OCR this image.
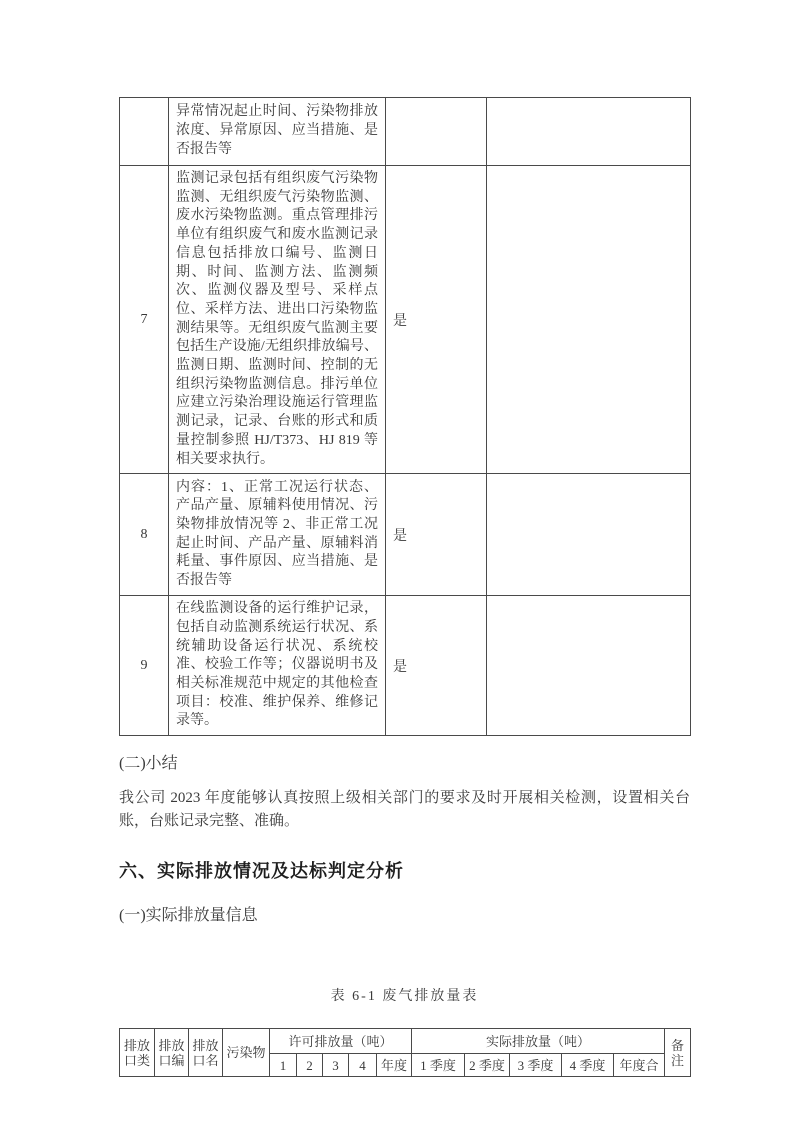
	异常情况起止时间、污染物排放浓度、异常原因、应当措施、是否报告等		
7	监测记录包括有组织废气污染物监测、无组织废气污染物监测、废水污染物监测。重点管理排污单位有组织废气和废水监测记录信息包括排放口编号、监测日期、时间、监测方法、监测频次、监测仪器及型号、采样点位、采样方法、进出口污染物监测结果等。无组织废气监测主要包括生产设施/无组织排放编号、监测日期、监测时间、控制的无组织污染物监测信息。排污单位应建立污染治理设施运行管理监测记录，记录、台账的形式和质量控制参照 HJ/T373、HJ 819 等相关要求执行。	是	
8	内容：1、正常工况运行状态、产品产量、原辅料使用情况、污染物排放情况等 2、非正常工况起止时间、产品产量、原辅料消耗量、事件原因、应当措施、是否报告等	是	
9	在线监测设备的运行维护记录，包括自动监测系统运行状况、系统辅助设备运行状况、系统校准、校验工作等；仪器说明书及相关标准规范中规定的其他检查项目：校准、维护保养、维修记录等。	是	
(二)小结
我公司 2023 年度能够认真按照上级相关部门的要求及时开展相关检测，设置相关台账，台账记录完整、准确。
六、实际排放情况及达标判定分析
(一)实际排放量信息
表 6-1 废气排放量表
排放口类	排放口编	排放口名	污染物	许可排放量（吨）					实际排放量（吨）					备注
				1	2	3	4	年度	1 季度	2 季度	3 季度	4 季度	年度合	
